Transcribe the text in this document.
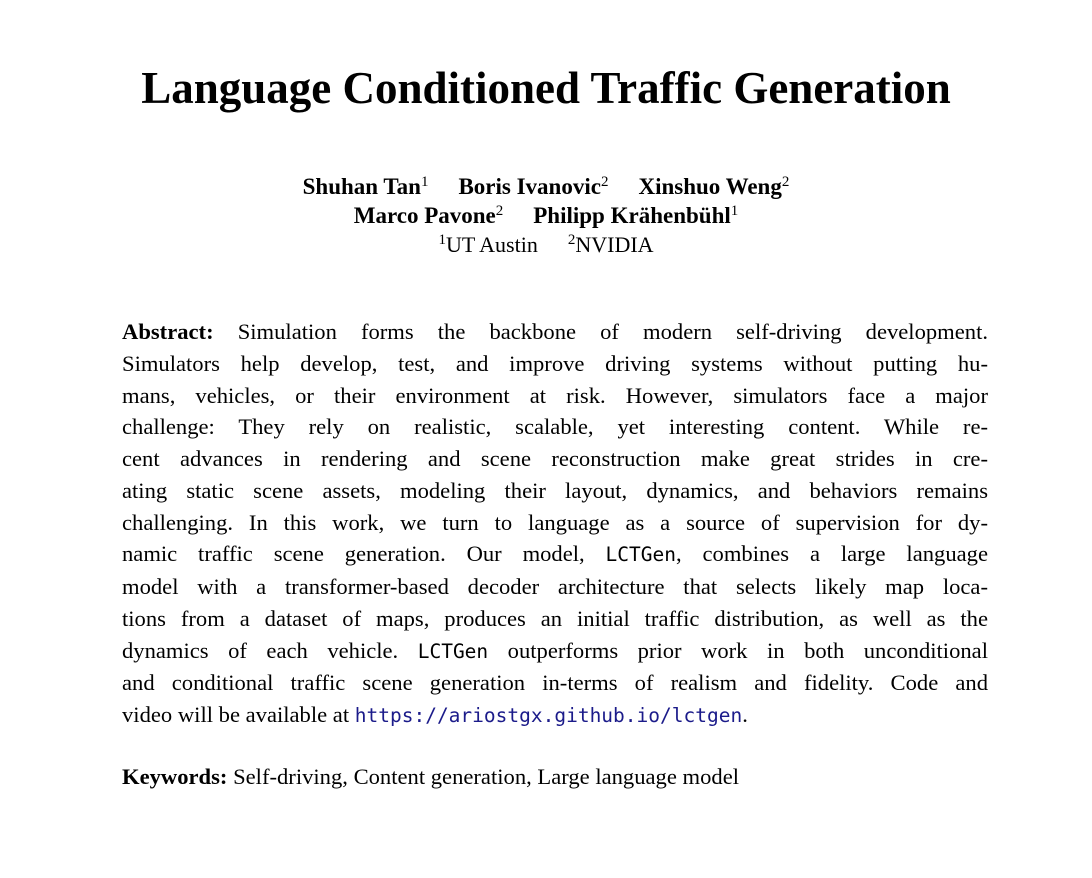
Language Conditioned Traffic Generation
Shuhan Tan$^1$ Boris Ivanovic$^2$ Xinshuo Weng$^2$
Marco Pavone$^2$ Philipp Krähenbühl$^1$
$^1$UT Austin $^2$NVIDIA
Abstract: Simulation forms the backbone of modern self-driving development.
Simulators help develop, test, and improve driving systems without putting hu-
mans, vehicles, or their environment at risk. However, simulators face a major
challenge: They rely on realistic, scalable, yet interesting content. While re-
cent advances in rendering and scene reconstruction make great strides in cre-
ating static scene assets, modeling their layout, dynamics, and behaviors remains
challenging. In this work, we turn to language as a source of supervision for dy-
namic traffic scene generation. Our model, LCTGen, combines a large language
model with a transformer-based decoder architecture that selects likely map loca-
tions from a dataset of maps, produces an initial traffic distribution, as well as the
dynamics of each vehicle. LCTGen outperforms prior work in both unconditional
and conditional traffic scene generation in-terms of realism and fidelity. Code and
video will be available at https://ariostgx.github.io/lctgen.
Keywords: Self-driving, Content generation, Large language model
